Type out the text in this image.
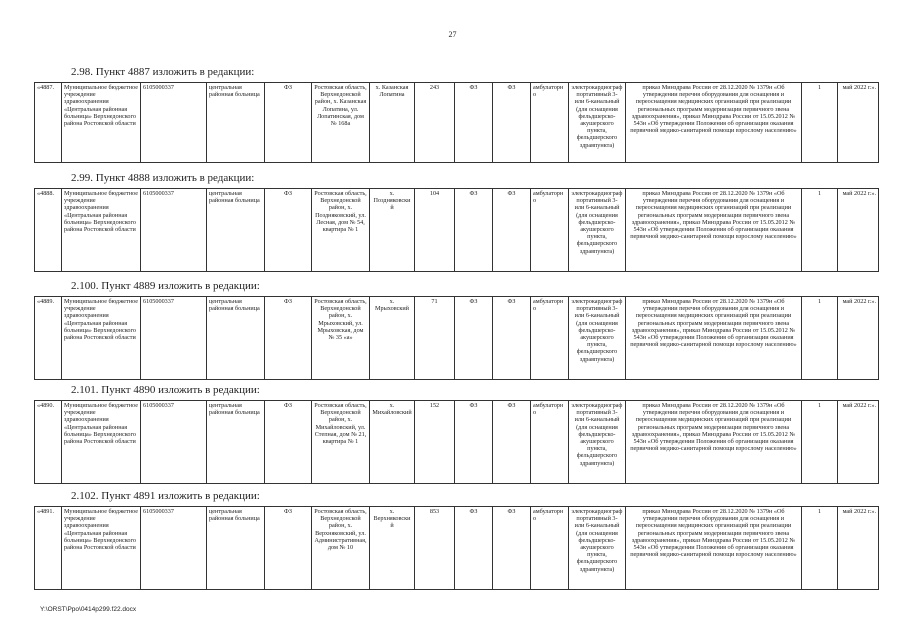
27
2.98. Пункт 4887 изложить в редакции:
«4887.	Муниципальное бюджетное учреждение здравоохранения «Центральная районная больница» Верхнедонского района Ростовской области	6105000337	центральная районная больница	ФЗ	Ростовская область, Верхнедонской район, х. Казанская Лопатина, ул. Лопатинская, дом № 168а	х. Казанская Лопатина	243	ФЗ	ФЗ	амбулаторно	электрокардиограф портативный 3- или 6-канальный (для оснащения фельдшерско-акушерского пункта, фельдшерского здравпункта)	приказ Минздрава России от 28.12.2020 № 1379н «Об утверждении перечня оборудования для оснащения и переоснащения медицинских организаций при реализации региональных программ модернизации первичного звена здравоохранения», приказ Минздрава России от 15.05.2012 № 543н «Об утверждении Положения об организации оказания первичной медико-санитарной помощи взрослому населению»	1	май 2022 г.».
2.99. Пункт 4888 изложить в редакции:
«4888.	Муниципальное бюджетное учреждение здравоохранения «Центральная районная больница» Верхнедонского района Ростовской области	6105000337	центральная районная больница	ФЗ	Ростовская область, Верхнедонской район, х. Поздняковский, ул. Лесная, дом № 54, квартира № 1	х. Поздняковский	104	ФЗ	ФЗ	амбулаторно	электрокардиограф портативный 3- или 6-канальный (для оснащения фельдшерско-акушерского пункта, фельдшерского здравпункта)	приказ Минздрава России от 28.12.2020 № 1379н «Об утверждении перечня оборудования для оснащения и переоснащения медицинских организаций при реализации региональных программ модернизации первичного звена здравоохранения», приказ Минздрава России от 15.05.2012 № 543н «Об утверждении Положения об организации оказания первичной медико-санитарной помощи взрослому населению»	1	май 2022 г.».
2.100. Пункт 4889 изложить в редакции:
«4889.	Муниципальное бюджетное учреждение здравоохранения «Центральная районная больница» Верхнедонского района Ростовской области	6105000337	центральная районная больница	ФЗ	Ростовская область, Верхнедонской район, х. Мрыховский, ул. Мрыховская, дом № 35 «а»	х. Мрыховский	71	ФЗ	ФЗ	амбулаторно	электрокардиограф портативный 3- или 6-канальный (для оснащения фельдшерско-акушерского пункта, фельдшерского здравпункта)	приказ Минздрава России от 28.12.2020 № 1379н «Об утверждении перечня оборудования для оснащения и переоснащения медицинских организаций при реализации региональных программ модернизации первичного звена здравоохранения», приказ Минздрава России от 15.05.2012 № 543н «Об утверждении Положения об организации оказания первичной медико-санитарной помощи взрослому населению»	1	май 2022 г.».
2.101. Пункт 4890 изложить в редакции:
«4890.	Муниципальное бюджетное учреждение здравоохранения «Центральная районная больница» Верхнедонского района Ростовской области	6105000337	центральная районная больница	ФЗ	Ростовская область, Верхнедонской район, х. Михайловский, ул. Степная, дом № 21, квартира № 1	х. Михайловский	152	ФЗ	ФЗ	амбулаторно	электрокардиограф портативный 3- или 6-канальный (для оснащения фельдшерско-акушерского пункта, фельдшерского здравпункта)	приказ Минздрава России от 28.12.2020 № 1379н «Об утверждении перечня оборудования для оснащения и переоснащения медицинских организаций при реализации региональных программ модернизации первичного звена здравоохранения», приказ Минздрава России от 15.05.2012 № 543н «Об утверждении Положения об организации оказания первичной медико-санитарной помощи взрослому населению»	1	май 2022 г.».
2.102. Пункт 4891 изложить в редакции:
«4891.	Муниципальное бюджетное учреждение здравоохранения «Центральная районная больница» Верхнедонского района Ростовской области	6105000337	центральная районная больница	ФЗ	Ростовская область, Верхнедонской район, х. Верхняковский, ул. Административная, дом № 10	х. Верхняковский	853	ФЗ	ФЗ	амбулаторно	электрокардиограф портативный 3- или 6-канальный (для оснащения фельдшерско-акушерского пункта, фельдшерского здравпункта)	приказ Минздрава России от 28.12.2020 № 1379н «Об утверждении перечня оборудования для оснащения и переоснащения медицинских организаций при реализации региональных программ модернизации первичного звена здравоохранения», приказ Минздрава России от 15.05.2012 № 543н «Об утверждении Положения об организации оказания первичной медико-санитарной помощи взрослому населению»	1	май 2022 г.».
Y:\ORST\Ppo\0414p299.f22.docx
